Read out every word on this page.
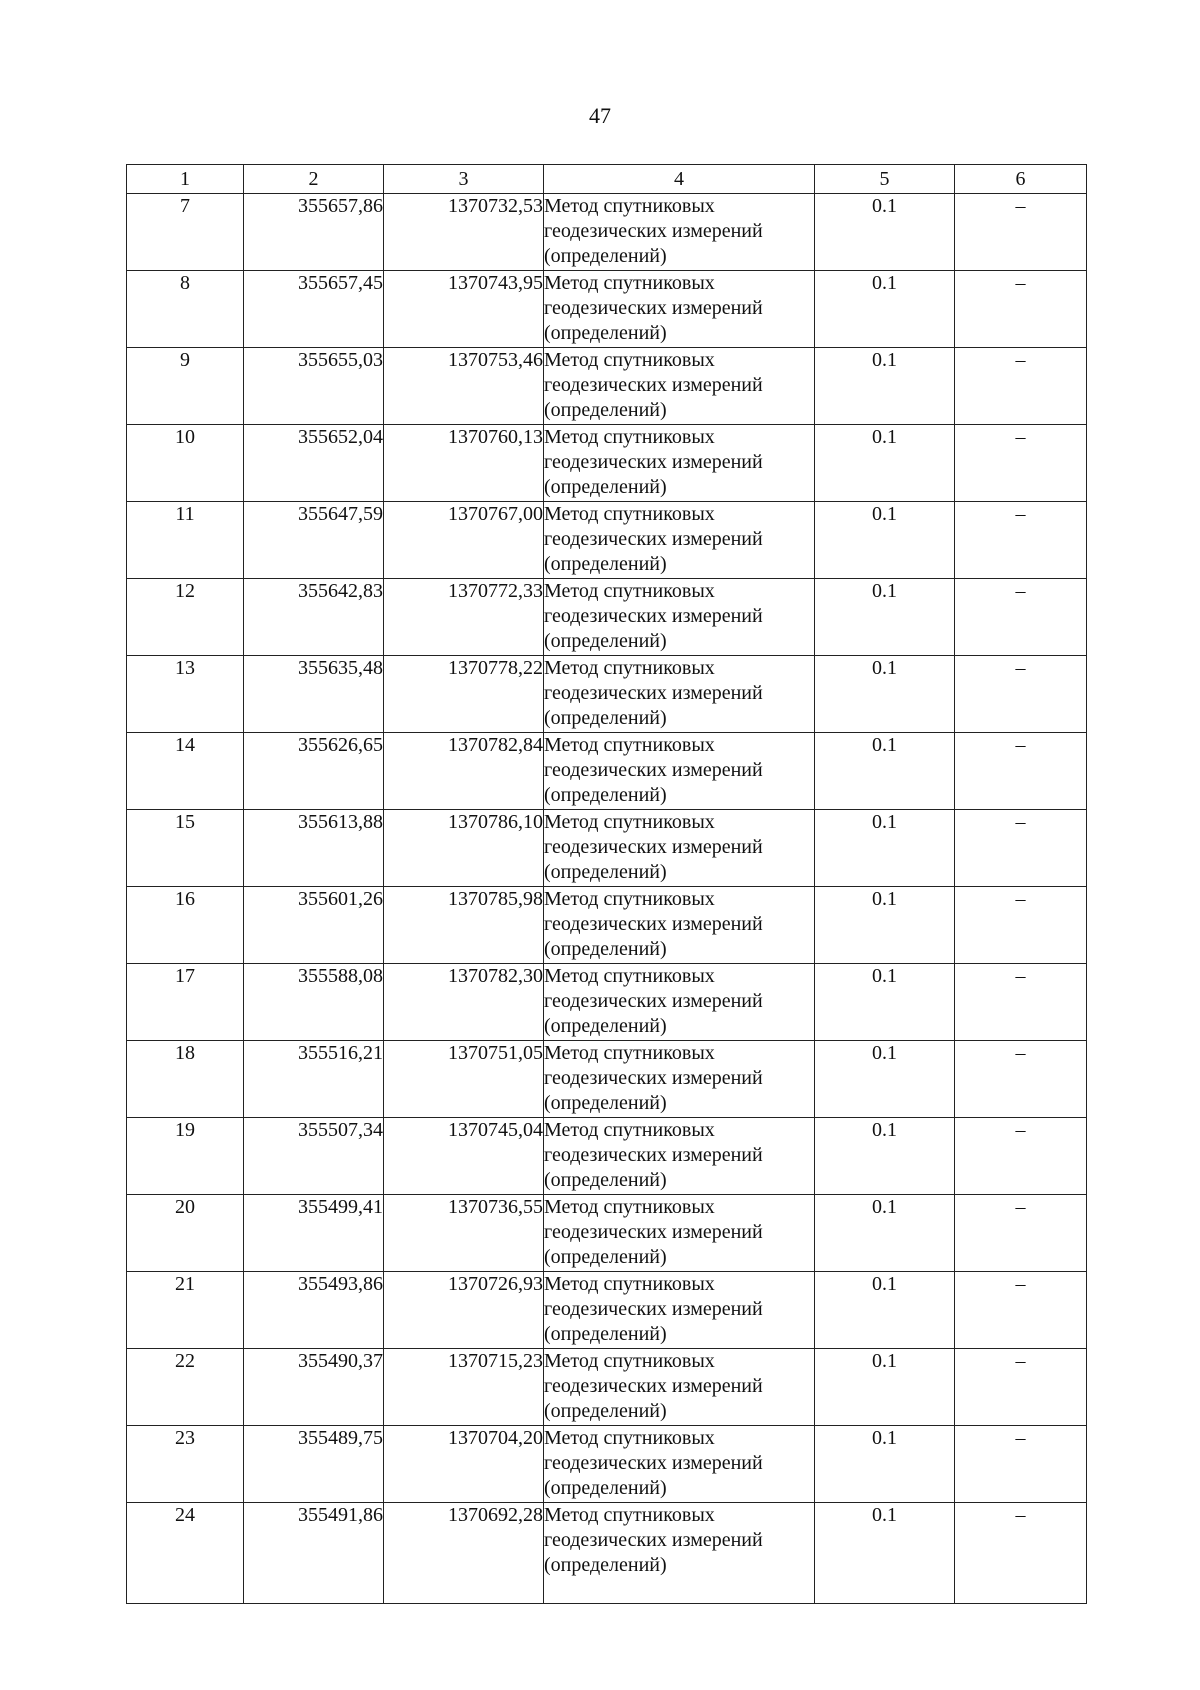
47
1	2	3	4	5	6
7	355657,86	1370732,53	Метод спутниковых геодезических измерений (определений)	0.1	–
8	355657,45	1370743,95	Метод спутниковых геодезических измерений (определений)	0.1	–
9	355655,03	1370753,46	Метод спутниковых геодезических измерений (определений)	0.1	–
10	355652,04	1370760,13	Метод спутниковых геодезических измерений (определений)	0.1	–
11	355647,59	1370767,00	Метод спутниковых геодезических измерений (определений)	0.1	–
12	355642,83	1370772,33	Метод спутниковых геодезических измерений (определений)	0.1	–
13	355635,48	1370778,22	Метод спутниковых геодезических измерений (определений)	0.1	–
14	355626,65	1370782,84	Метод спутниковых геодезических измерений (определений)	0.1	–
15	355613,88	1370786,10	Метод спутниковых геодезических измерений (определений)	0.1	–
16	355601,26	1370785,98	Метод спутниковых геодезических измерений (определений)	0.1	–
17	355588,08	1370782,30	Метод спутниковых геодезических измерений (определений)	0.1	–
18	355516,21	1370751,05	Метод спутниковых геодезических измерений (определений)	0.1	–
19	355507,34	1370745,04	Метод спутниковых геодезических измерений (определений)	0.1	–
20	355499,41	1370736,55	Метод спутниковых геодезических измерений (определений)	0.1	–
21	355493,86	1370726,93	Метод спутниковых геодезических измерений (определений)	0.1	–
22	355490,37	1370715,23	Метод спутниковых геодезических измерений (определений)	0.1	–
23	355489,75	1370704,20	Метод спутниковых геодезических измерений (определений)	0.1	–
24	355491,86	1370692,28	Метод спутниковых геодезических измерений (определений)	0.1	–
